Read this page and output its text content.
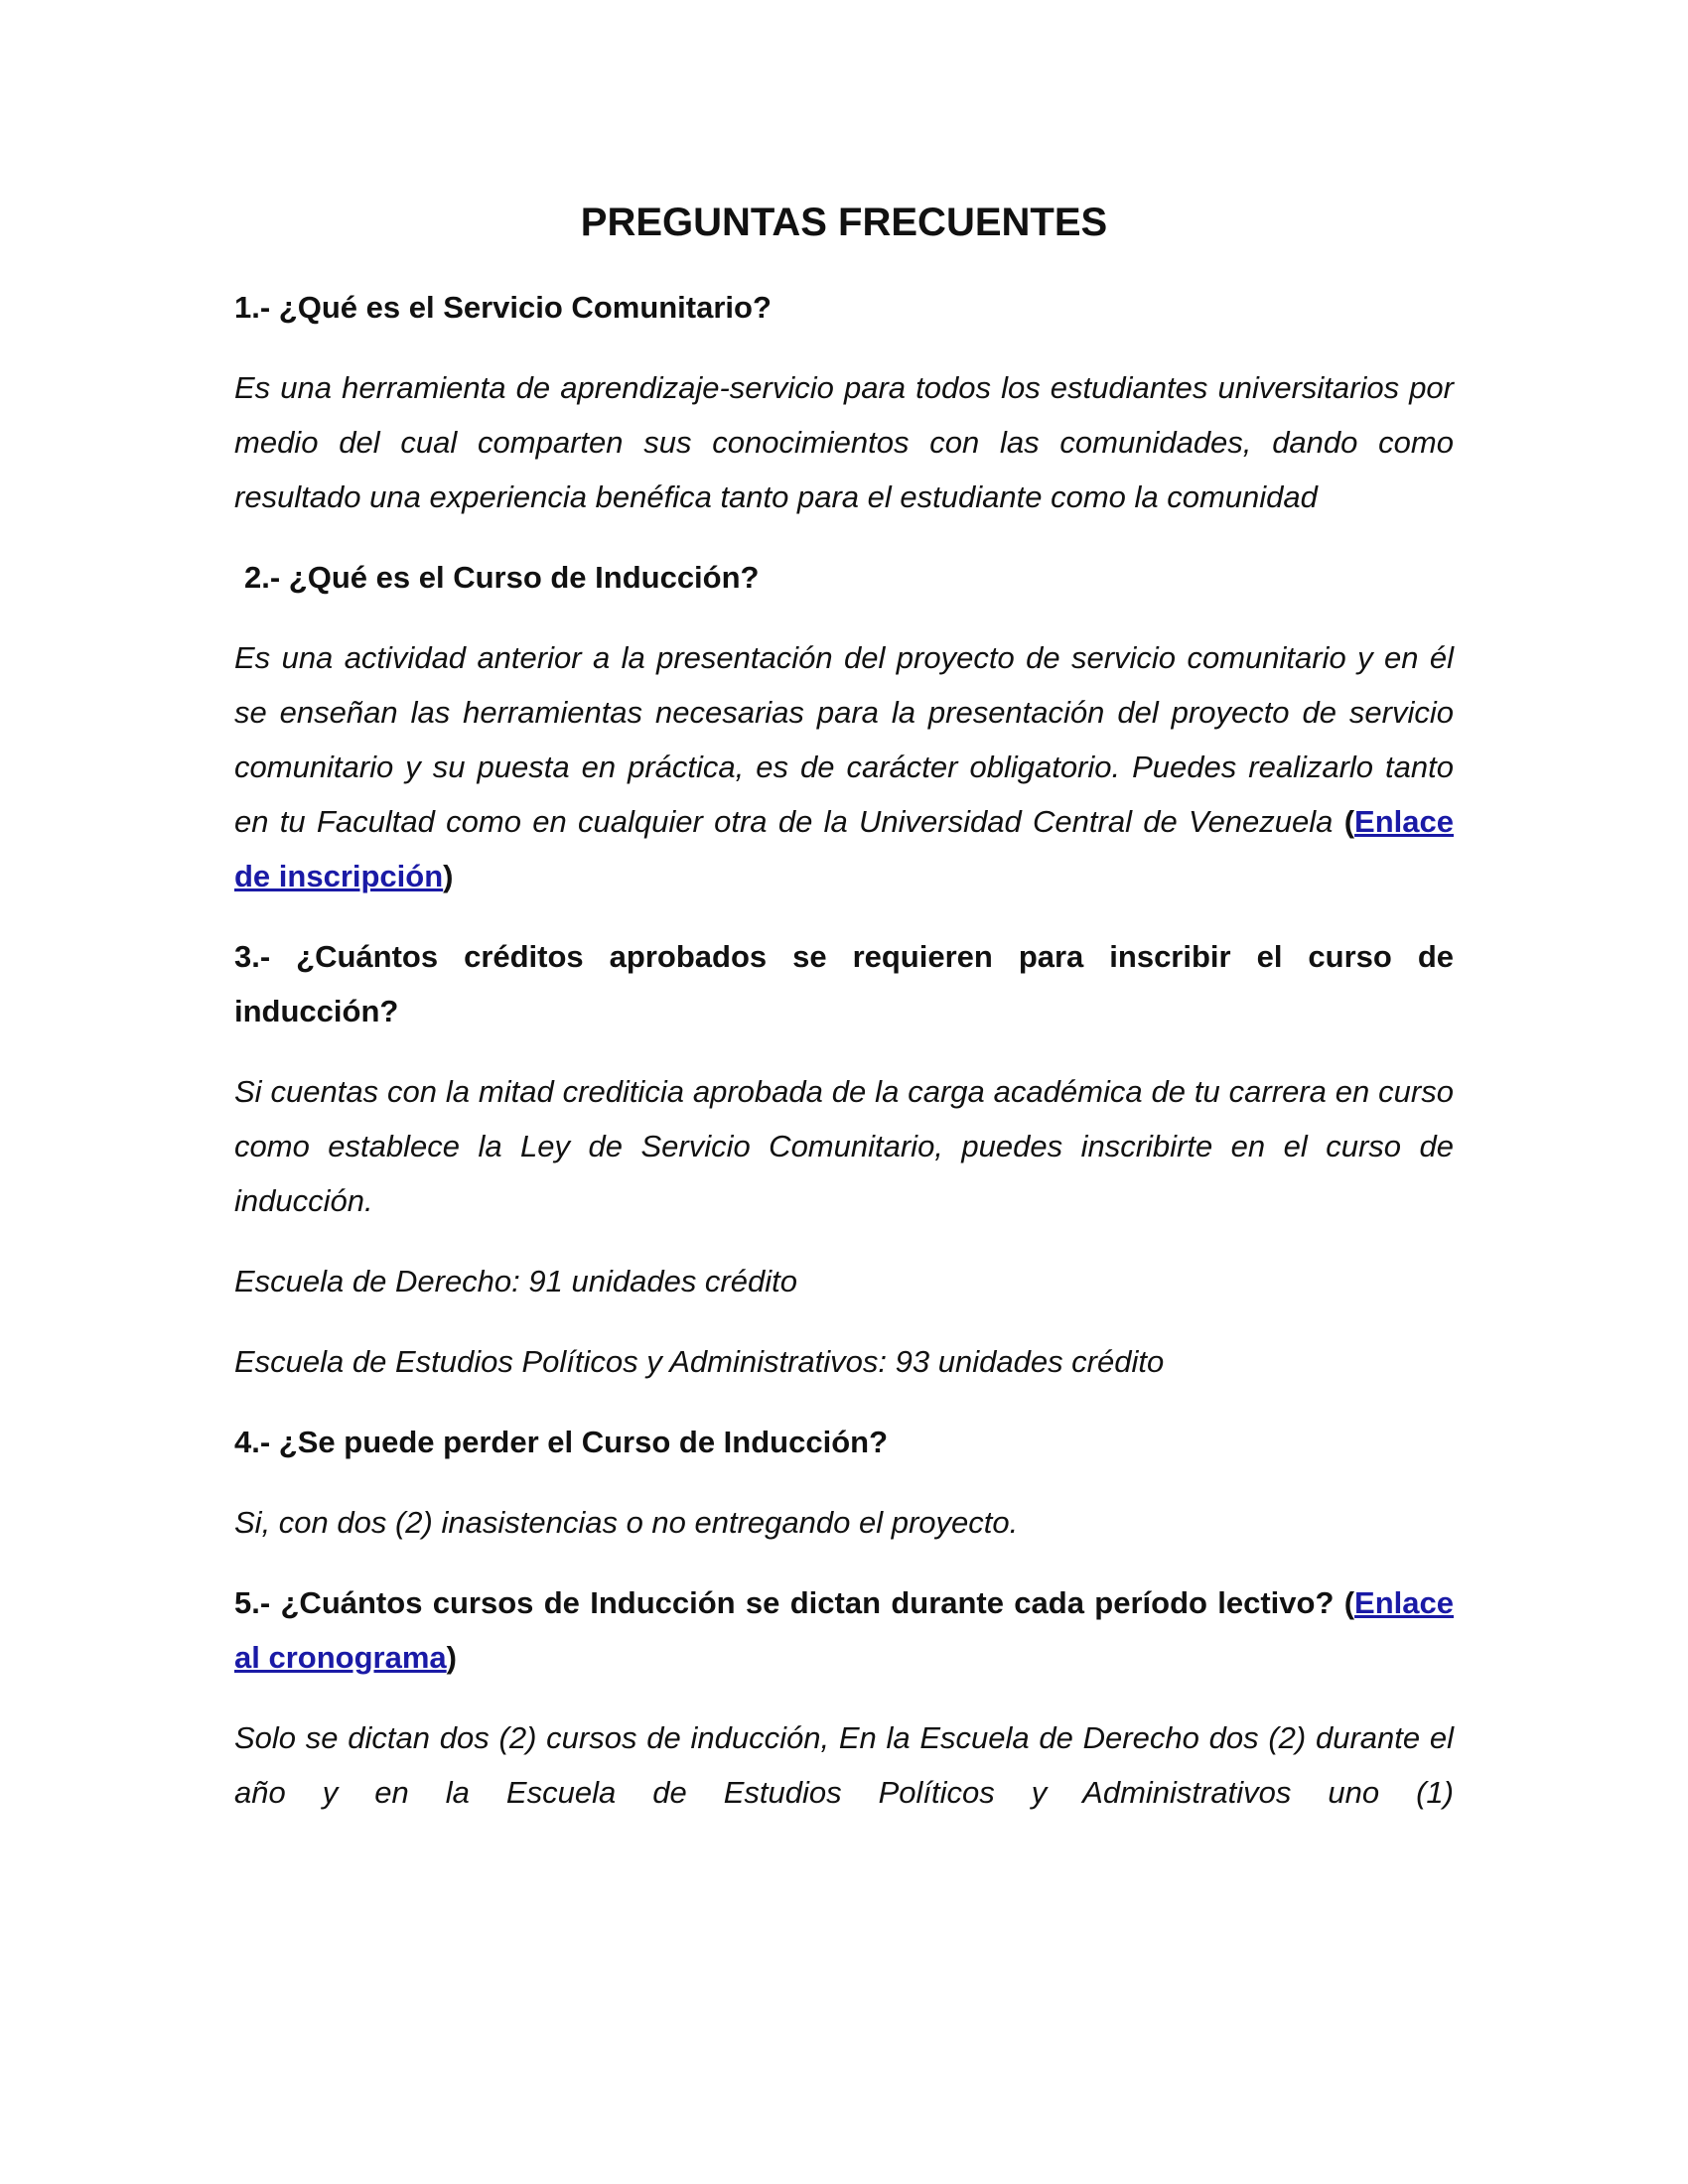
PREGUNTAS FRECUENTES

1.- ¿Qué es el Servicio Comunitario?

Es una herramienta de aprendizaje-servicio para todos los estudiantes universitarios por medio del cual comparten sus conocimientos con las comunidades, dando como resultado una experiencia benéfica tanto para el estudiante como la comunidad

2.- ¿Qué es el Curso de Inducción?

Es una actividad anterior a la presentación del proyecto de servicio comunitario y en él se enseñan las herramientas necesarias para la presentación del proyecto de servicio comunitario y su puesta en práctica, es de carácter obligatorio. Puedes realizarlo tanto en tu Facultad como en cualquier otra de la Universidad Central de Venezuela (Enlace de inscripción)

3.- ¿Cuántos créditos aprobados se requieren para inscribir el curso de inducción?

Si cuentas con la mitad crediticia aprobada de la carga académica de tu carrera en curso como establece la Ley de Servicio Comunitario, puedes inscribirte en el curso de inducción.

Escuela de Derecho: 91 unidades crédito

Escuela de Estudios Políticos y Administrativos: 93 unidades crédito

4.- ¿Se puede perder el Curso de Inducción?

Si, con dos (2) inasistencias o no entregando el proyecto.

5.- ¿Cuántos cursos de Inducción se dictan durante cada período lectivo? (Enlace al cronograma)

Solo se dictan dos (2) cursos de inducción, En la Escuela de Derecho dos (2) durante el año y en la Escuela de Estudios Políticos y Administrativos uno (1)
